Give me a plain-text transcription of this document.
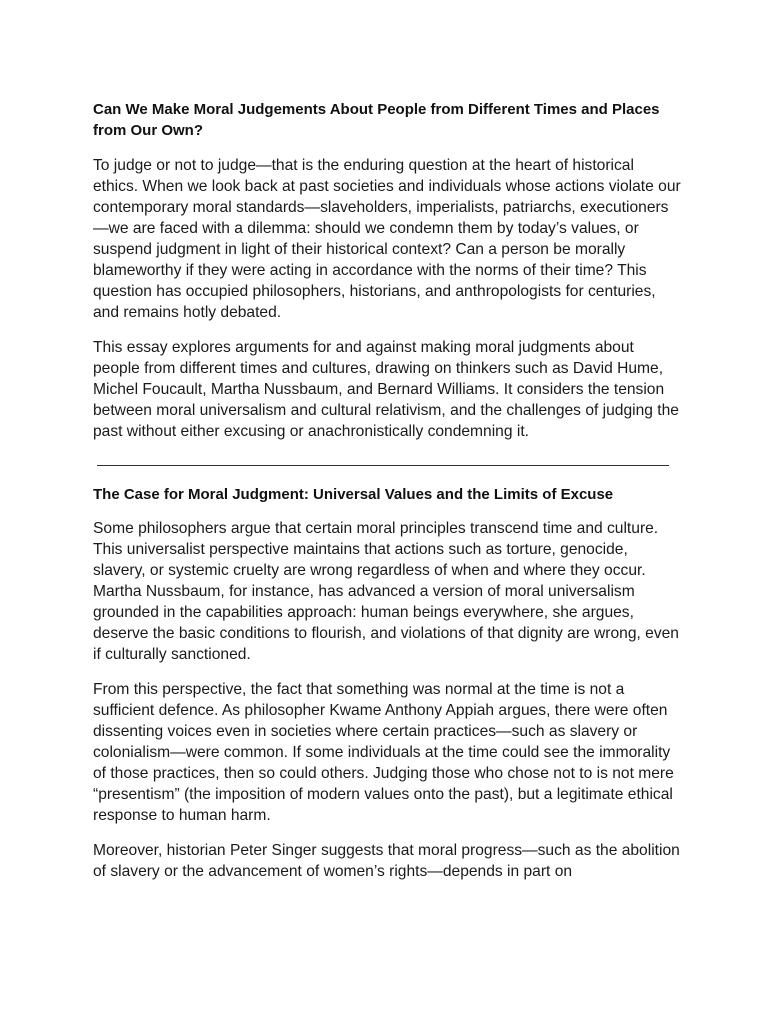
Can We Make Moral Judgements About People from Different Times and Places from Our Own?

To judge or not to judge—that is the enduring question at the heart of historical ethics. When we look back at past societies and individuals whose actions violate our contemporary moral standards—slaveholders, imperialists, patriarchs, executioners—we are faced with a dilemma: should we condemn them by today’s values, or suspend judgment in light of their historical context? Can a person be morally blameworthy if they were acting in accordance with the norms of their time? This question has occupied philosophers, historians, and anthropologists for centuries, and remains hotly debated.

This essay explores arguments for and against making moral judgments about people from different times and cultures, drawing on thinkers such as David Hume, Michel Foucault, Martha Nussbaum, and Bernard Williams. It considers the tension between moral universalism and cultural relativism, and the challenges of judging the past without either excusing or anachronistically condemning it.

The Case for Moral Judgment: Universal Values and the Limits of Excuse

Some philosophers argue that certain moral principles transcend time and culture. This universalist perspective maintains that actions such as torture, genocide, slavery, or systemic cruelty are wrong regardless of when and where they occur. Martha Nussbaum, for instance, has advanced a version of moral universalism grounded in the capabilities approach: human beings everywhere, she argues, deserve the basic conditions to flourish, and violations of that dignity are wrong, even if culturally sanctioned.

From this perspective, the fact that something was normal at the time is not a sufficient defence. As philosopher Kwame Anthony Appiah argues, there were often dissenting voices even in societies where certain practices—such as slavery or colonialism—were common. If some individuals at the time could see the immorality of those practices, then so could others. Judging those who chose not to is not mere “presentism” (the imposition of modern values onto the past), but a legitimate ethical response to human harm.

Moreover, historian Peter Singer suggests that moral progress—such as the abolition of slavery or the advancement of women’s rights—depends in part on
